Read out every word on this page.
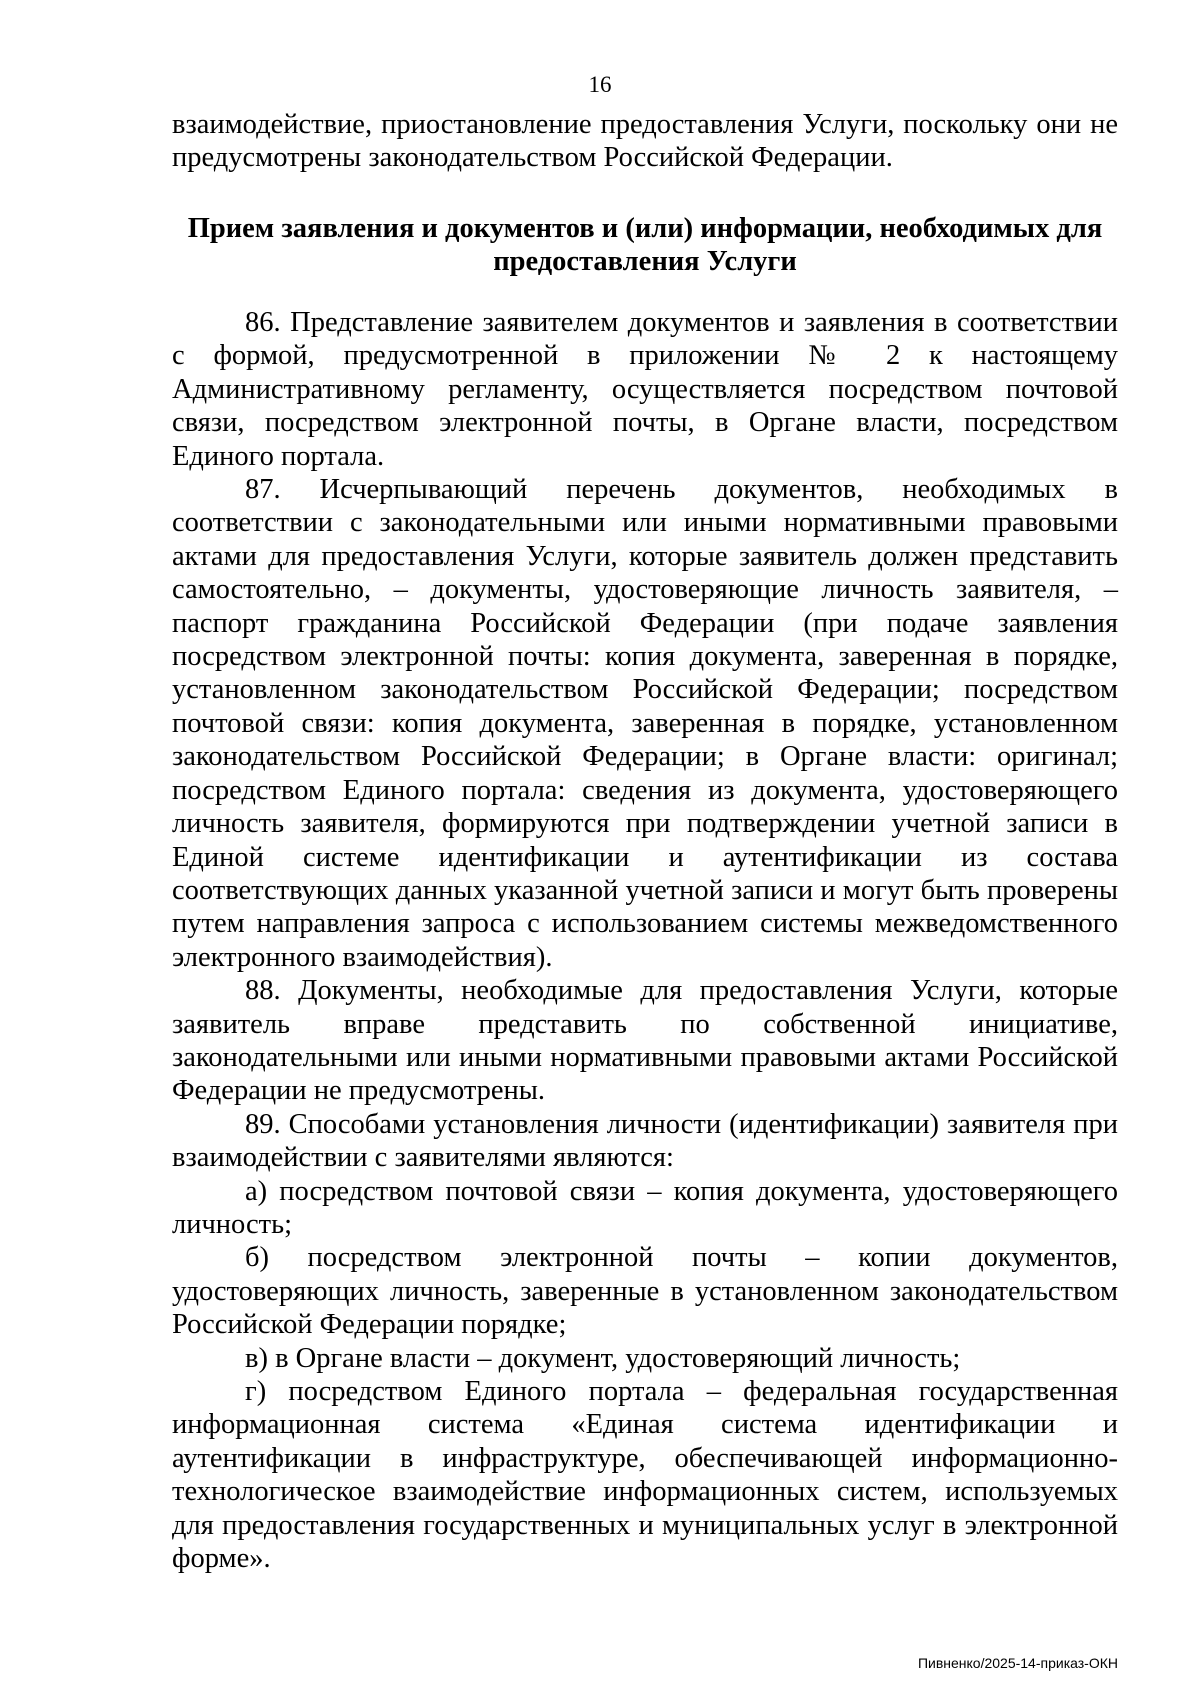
16

взаимодействие, приостановление предоставления Услуги, поскольку они не предусмотрены законодательством Российской Федерации.

Прием заявления и документов и (или) информации, необходимых для предоставления Услуги

86. Представление заявителем документов и заявления в соответствии с формой, предусмотренной в приложении № 2 к настоящему Административному регламенту, осуществляется посредством почтовой связи, посредством электронной почты, в Органе власти, посредством Единого портала.

87. Исчерпывающий перечень документов, необходимых в соответствии с законодательными или иными нормативными правовыми актами для предоставления Услуги, которые заявитель должен представить самостоятельно, – документы, удостоверяющие личность заявителя, – паспорт гражданина Российской Федерации (при подаче заявления посредством электронной почты: копия документа, заверенная в порядке, установленном законодательством Российской Федерации; посредством почтовой связи: копия документа, заверенная в порядке, установленном законодательством Российской Федерации; в Органе власти: оригинал; посредством Единого портала: сведения из документа, удостоверяющего личность заявителя, формируются при подтверждении учетной записи в Единой системе идентификации и аутентификации из состава соответствующих данных указанной учетной записи и могут быть проверены путем направления запроса с использованием системы межведомственного электронного взаимодействия).

88. Документы, необходимые для предоставления Услуги, которые заявитель вправе представить по собственной инициативе, законодательными или иными нормативными правовыми актами Российской Федерации не предусмотрены.

89. Способами установления личности (идентификации) заявителя при взаимодействии с заявителями являются:

а) посредством почтовой связи – копия документа, удостоверяющего личность;

б) посредством электронной почты – копии документов, удостоверяющих личность, заверенные в установленном законодательством Российской Федерации порядке;

в) в Органе власти – документ, удостоверяющий личность;

г) посредством Единого портала – федеральная государственная информационная система «Единая система идентификации и аутентификации в инфраструктуре, обеспечивающей информационно-технологическое взаимодействие информационных систем, используемых для предоставления государственных и муниципальных услуг в электронной форме».

Пивненко/2025-14-приказ-ОКН
